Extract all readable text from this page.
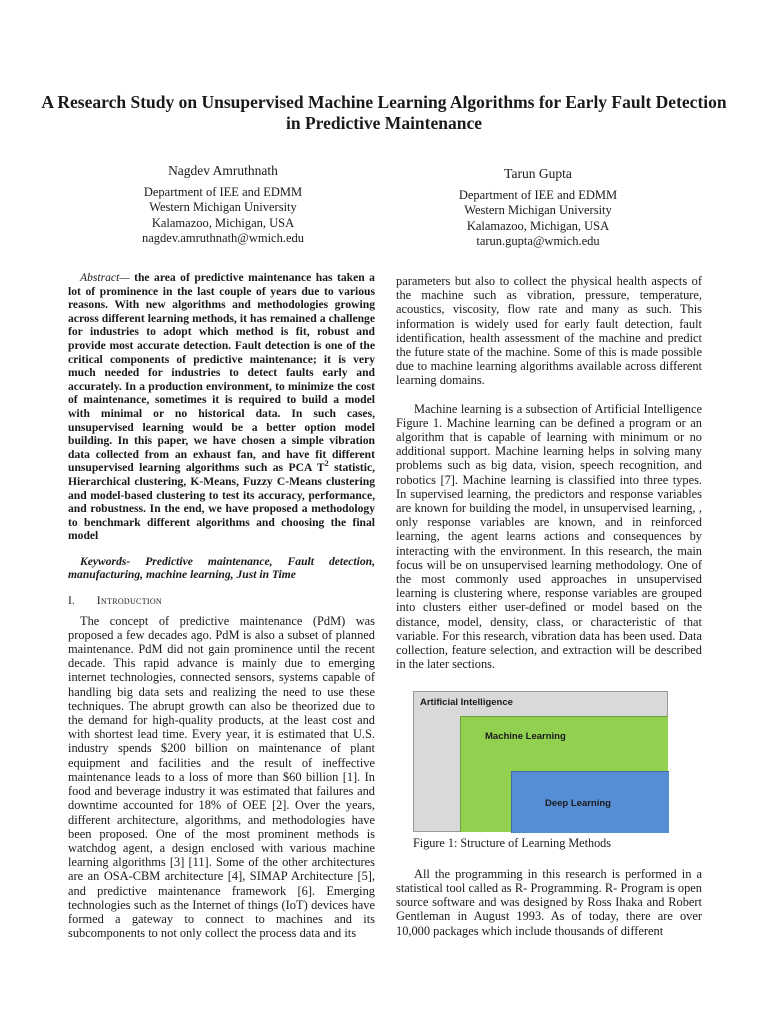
A Research Study on Unsupervised Machine Learning Algorithms for Early Fault Detection in Predictive Maintenance
Nagdev Amruthnath
Department of IEE and EDMM
Western Michigan University
Kalamazoo, Michigan, USA
nagdev.amruthnath@wmich.edu
Tarun Gupta
Department of IEE and EDMM
Western Michigan University
Kalamazoo, Michigan, USA
tarun.gupta@wmich.edu

Abstract— the area of predictive maintenance has taken a lot of prominence in the last couple of years due to various reasons. With new algorithms and methodologies growing across different learning methods, it has remained a challenge for industries to adopt which method is fit, robust and provide most accurate detection. Fault detection is one of the critical components of predictive maintenance; it is very much needed for industries to detect faults early and accurately. In a production environment, to minimize the cost of maintenance, sometimes it is required to build a model with minimal or no historical data. In such cases, unsupervised learning would be a better option model building. In this paper, we have chosen a simple vibration data collected from an exhaust fan, and have fit different unsupervised learning algorithms such as PCA $T^2$ statistic, Hierarchical clustering, K-Means, Fuzzy C-Means clustering and model-based clustering to test its accuracy, performance, and robustness. In the end, we have proposed a methodology to benchmark different algorithms and choosing the final model

Keywords- Predictive maintenance, Fault detection, manufacturing, machine learning, Just in Time

I. Introduction

The concept of predictive maintenance (PdM) was proposed a few decades ago. PdM is also a subset of planned maintenance. PdM did not gain prominence until the recent decade. This rapid advance is mainly due to emerging internet technologies, connected sensors, systems capable of handling big data sets and realizing the need to use these techniques. The abrupt growth can also be theorized due to the demand for high-quality products, at the least cost and with shortest lead time. Every year, it is estimated that U.S. industry spends $200 billion on maintenance of plant equipment and facilities and the result of ineffective maintenance leads to a loss of more than $60 billion [1]. In food and beverage industry it was estimated that failures and downtime accounted for 18% of OEE [2]. Over the years, different architecture, algorithms, and methodologies have been proposed. One of the most prominent methods is watchdog agent, a design enclosed with various machine learning algorithms [3] [11]. Some of the other architectures are an OSA-CBM architecture [4], SIMAP Architecture [5], and predictive maintenance framework [6]. Emerging technologies such as the Internet of things (IoT) devices have formed a gateway to connect to machines and its subcomponents to not only collect the process data and its

parameters but also to collect the physical health aspects of the machine such as vibration, pressure, temperature, acoustics, viscosity, flow rate and many as such. This information is widely used for early fault detection, fault identification, health assessment of the machine and predict the future state of the machine. Some of this is made possible due to machine learning algorithms available across different learning domains.

Machine learning is a subsection of Artificial Intelligence Figure 1. Machine learning can be defined a program or an algorithm that is capable of learning with minimum or no additional support. Machine learning helps in solving many problems such as big data, vision, speech recognition, and robotics [7]. Machine learning is classified into three types. In supervised learning, the predictors and response variables are known for building the model, in unsupervised learning, , only response variables are known, and in reinforced learning, the agent learns actions and consequences by interacting with the environment. In this research, the main focus will be on unsupervised learning methodology. One of the most commonly used approaches in unsupervised learning is clustering where, response variables are grouped into clusters either user-defined or model based on the distance, model, density, class, or characteristic of that variable. For this research, vibration data has been used. Data collection, feature selection, and extraction will be described in the later sections.

Artificial Intelligence
Machine Learning
Deep Learning

Figure 1: Structure of Learning Methods

All the programming in this research is performed in a statistical tool called as R- Programming. R- Program is open source software and was designed by Ross Ihaka and Robert Gentleman in August 1993. As of today, there are over 10,000 packages which include thousands of different
